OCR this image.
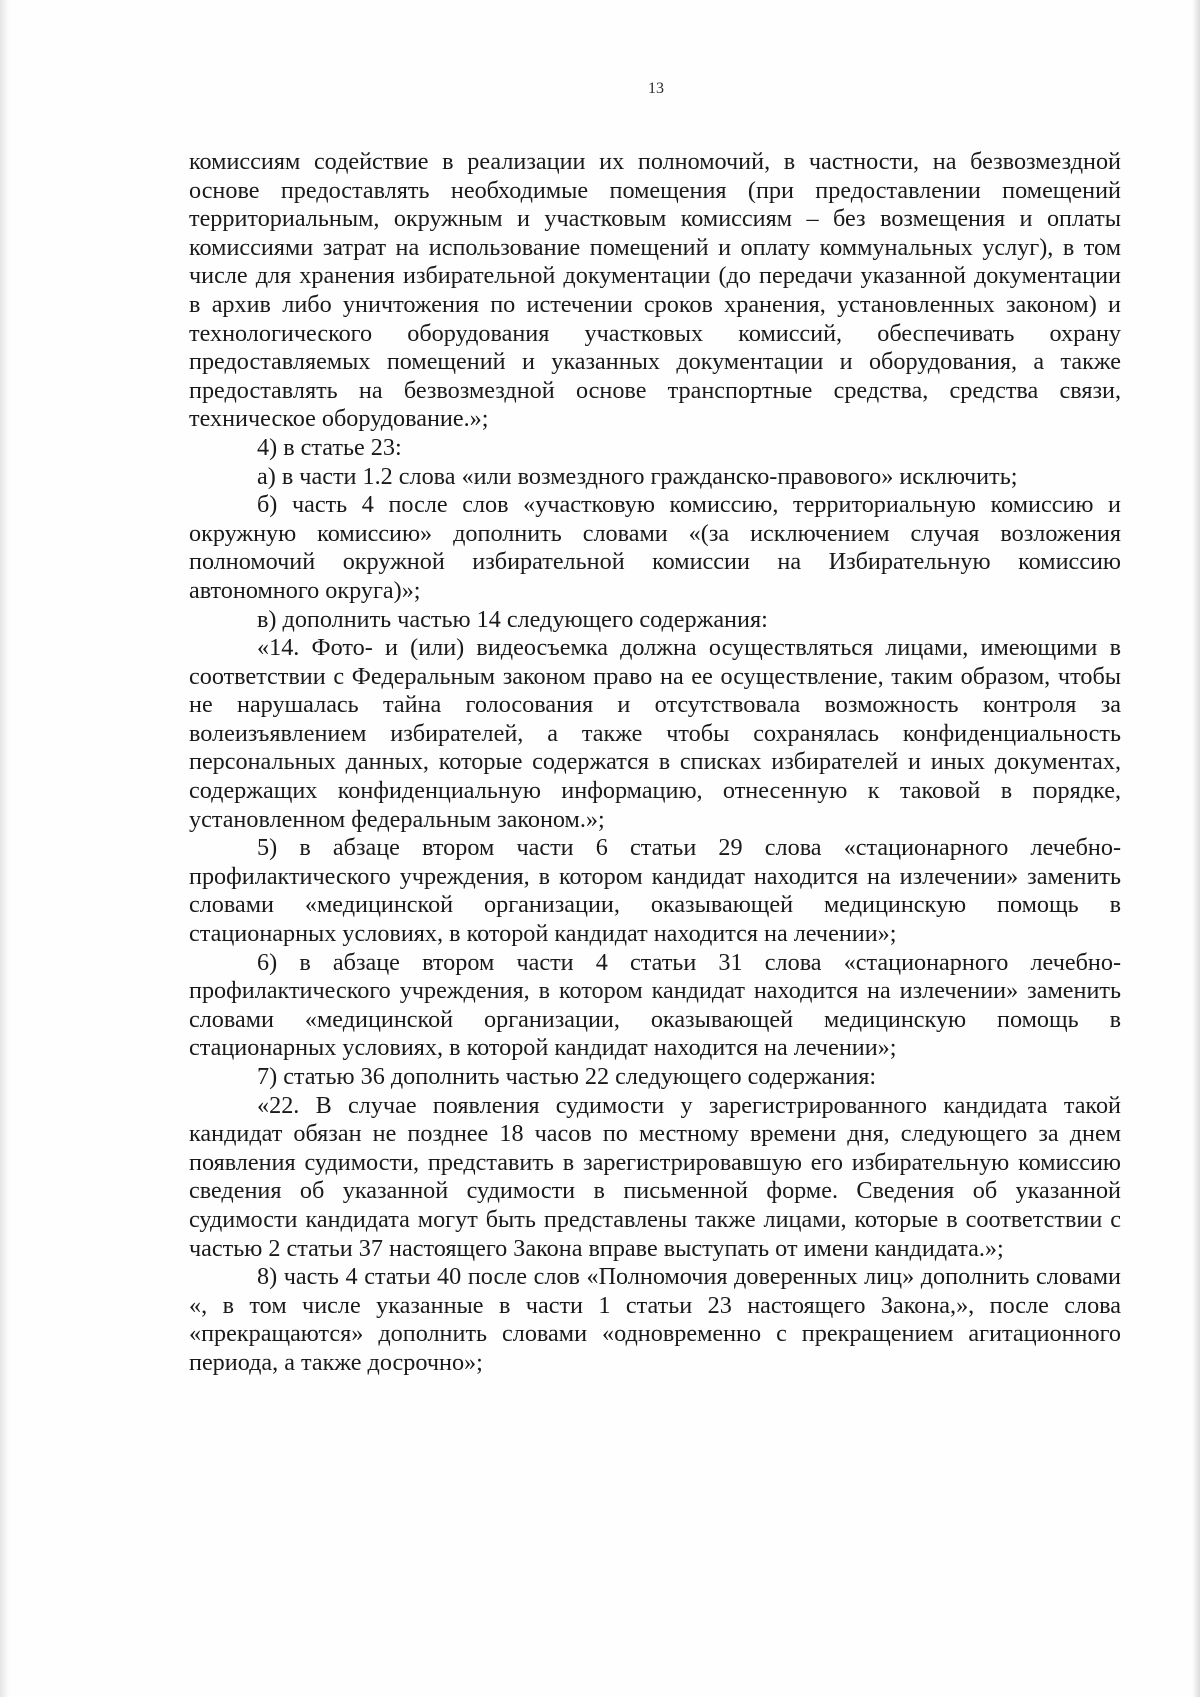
13

комиссиям содействие в реализации их полномочий, в частности, на безвозмездной основе предоставлять необходимые помещения (при предоставлении помещений территориальным, окружным и участковым комиссиям – без возмещения и оплаты комиссиями затрат на использование помещений и оплату коммунальных услуг), в том числе для хранения избирательной документации (до передачи указанной документации в архив либо уничтожения по истечении сроков хранения, установленных законом) и технологического оборудования участковых комиссий, обеспечивать охрану предоставляемых помещений и указанных документации и оборудования, а также предоставлять на безвозмездной основе транспортные средства, средства связи, техническое оборудование.»;

4) в статье 23:

а) в части 1.2 слова «или возмездного гражданско-правового» исключить;

б) часть 4 после слов «участковую комиссию, территориальную комиссию и окружную комиссию» дополнить словами «(за исключением случая возложения полномочий окружной избирательной комиссии на Избирательную комиссию автономного округа)»;

в) дополнить частью 14 следующего содержания:

«14. Фото- и (или) видеосъемка должна осуществляться лицами, имеющими в соответствии с Федеральным законом право на ее осуществление, таким образом, чтобы не нарушалась тайна голосования и отсутствовала возможность контроля за волеизъявлением избирателей, а также чтобы сохранялась конфиденциальность персональных данных, которые содержатся в списках избирателей и иных документах, содержащих конфиденциальную информацию, отнесенную к таковой в порядке, установленном федеральным законом.»;

5) в абзаце втором части 6 статьи 29 слова «стационарного лечебно-профилактического учреждения, в котором кандидат находится на излечении» заменить словами «медицинской организации, оказывающей медицинскую помощь в стационарных условиях, в которой кандидат находится на лечении»;

6) в абзаце втором части 4 статьи 31 слова «стационарного лечебно-профилактического учреждения, в котором кандидат находится на излечении» заменить словами «медицинской организации, оказывающей медицинскую помощь в стационарных условиях, в которой кандидат находится на лечении»;

7) статью 36 дополнить частью 22 следующего содержания:

«22. В случае появления судимости у зарегистрированного кандидата такой кандидат обязан не позднее 18 часов по местному времени дня, следующего за днем появления судимости, представить в зарегистрировавшую его избирательную комиссию сведения об указанной судимости в письменной форме. Сведения об указанной судимости кандидата могут быть представлены также лицами, которые в соответствии с частью 2 статьи 37 настоящего Закона вправе выступать от имени кандидата.»;

8) часть 4 статьи 40 после слов «Полномочия доверенных лиц» дополнить словами «, в том числе указанные в части 1 статьи 23 настоящего Закона,», после слова «прекращаются» дополнить словами «одновременно с прекращением агитационного периода, а также досрочно»;
